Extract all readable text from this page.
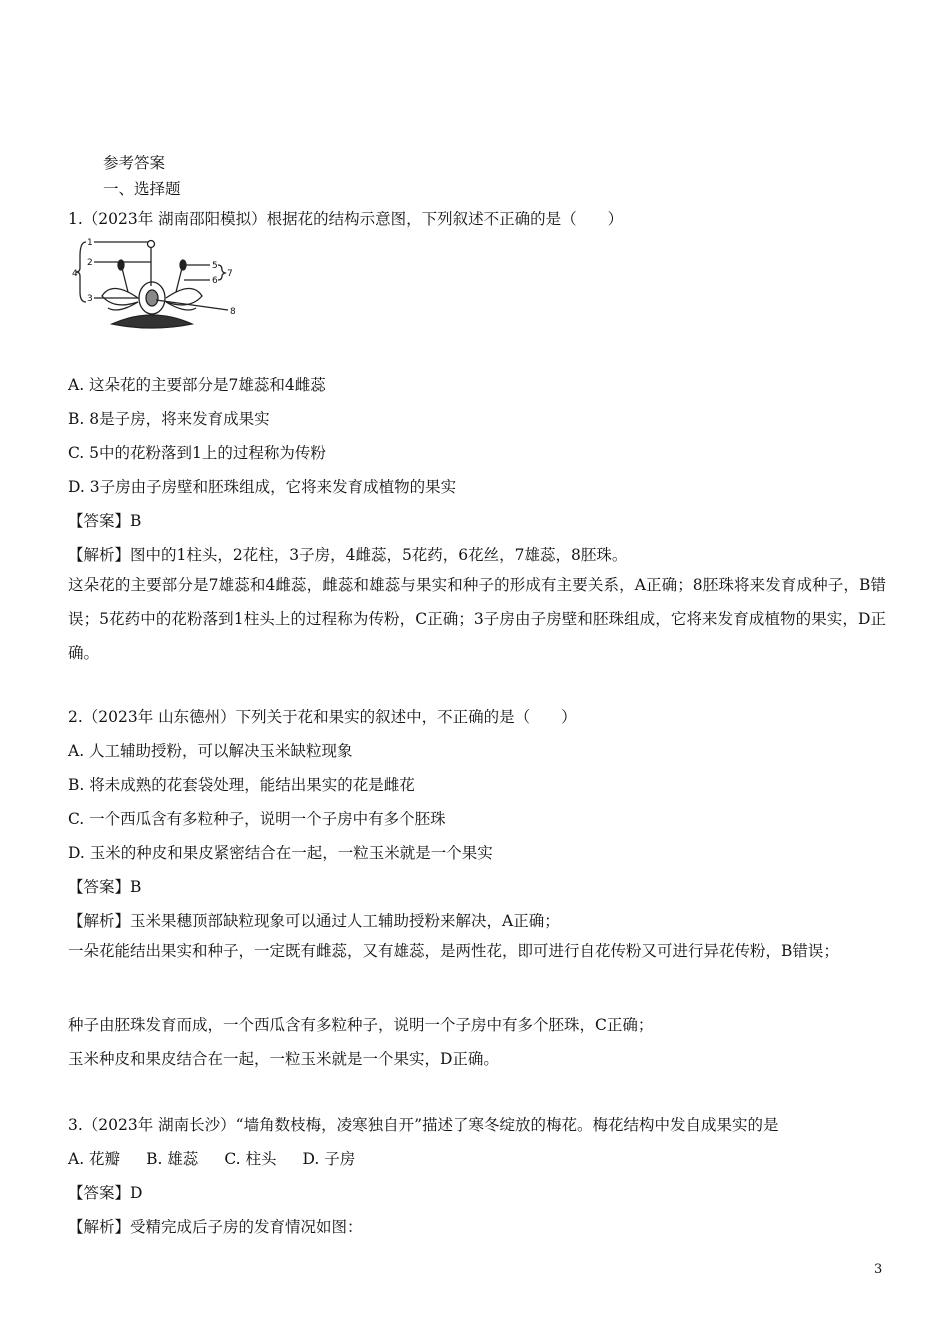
参考答案
一、选择题
1.（2023年 湖南邵阳模拟）根据花的结构示意图，下列叙述不正确的是（　　）
1
2
3
4
5
6
7
8
A. 这朵花的主要部分是7雄蕊和4雌蕊
B. 8是子房，将来发育成果实
C. 5中的花粉落到1上的过程称为传粉
D. 3子房由子房壁和胚珠组成，它将来发育成植物的果实
【答案】B
【解析】图中的1柱头，2花柱，3子房，4雌蕊，5花药，6花丝，7雄蕊，8胚珠。
这朵花的主要部分是7雄蕊和4雌蕊，雌蕊和雄蕊与果实和种子的形成有主要关系，A正确；8胚珠将来发育成种子，B错误；5花药中的花粉落到1柱头上的过程称为传粉，C正确；3子房由子房壁和胚珠组成，它将来发育成植物的果实，D正确。
2.（2023年 山东德州）下列关于花和果实的叙述中，不正确的是（　　）
A. 人工辅助授粉，可以解决玉米缺粒现象
B. 将未成熟的花套袋处理，能结出果实的花是雌花
C. 一个西瓜含有多粒种子，说明一个子房中有多个胚珠
D. 玉米的种皮和果皮紧密结合在一起，一粒玉米就是一个果实
【答案】B
【解析】玉米果穗顶部缺粒现象可以通过人工辅助授粉来解决，A正确；
一朵花能结出果实和种子，一定既有雌蕊，又有雄蕊，是两性花，即可进行自花传粉又可进行异花传粉，B错误；
种子由胚珠发育而成，一个西瓜含有多粒种子，说明一个子房中有多个胚珠，C正确；
玉米种皮和果皮结合在一起，一粒玉米就是一个果实，D正确。
3.（2023年 湖南长沙）“墙角数枝梅，凌寒独自开”描述了寒冬绽放的梅花。梅花结构中发自成果实的是
A. 花瓣 B. 雄蕊 C. 柱头 D. 子房
【答案】D
【解析】受精完成后子房的发育情况如图：
3
